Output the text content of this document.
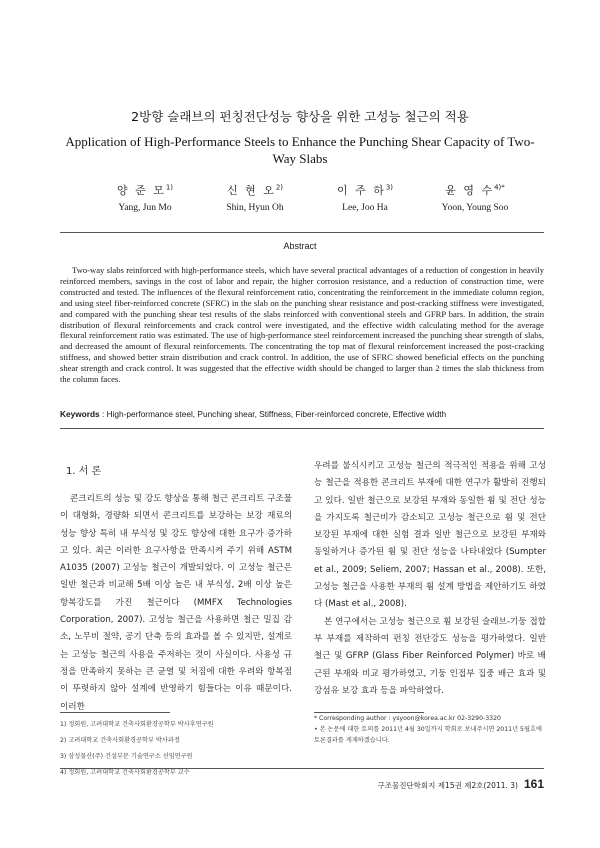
2방향 슬래브의 펀칭전단성능 향상을 위한 고성능 철근의 적용
Application of High-Performance Steels to Enhance the Punching Shear Capacity of Two-Way Slabs
양 준 모$^{1)}$
Yang, Jun Mo
신 현 오$^{2)}$
Shin, Hyun Oh
이 주 하$^{3)}$
Lee, Joo Ha
윤 영 수$^{4)*}$
Yoon, Young Soo
Abstract

Two-way slabs reinforced with high-performance steels, which have several practical advantages of a reduction of congestion in heavily reinforced members, savings in the cost of labor and repair, the higher corrosion resistance, and a reduction of construction time, were constructed and tested. The influences of the flexural reinforcement ratio, concentrating the reinforcement in the immediate column region, and using steel fiber-reinforced concrete (SFRC) in the slab on the punching shear resistance and post-cracking stiffness were investigated, and compared with the punching shear test results of the slabs reinforced with conventional steels and GFRP bars. In addition, the strain distribution of flexural reinforcements and crack control were investigated, and the effective width calculating method for the average flexural reinforcement ratio was estimated. The use of high-performance steel reinforcement increased the punching shear strength of slabs, and decreased the amount of flexural reinforcements. The concentrating the top mat of flexural reinforcement increased the post-cracking stiffness, and showed better strain distribution and crack control. In addition, the use of SFRC showed beneficial effects on the punching shear strength and crack control. It was suggested that the effective width should be changed to larger than 2 times the slab thickness from the column faces.

Keywords : High-performance steel, Punching shear, Stiffness, Fiber-reinforced concrete, Effective width
1. 서 론

콘크리트의 성능 및 강도 향상을 통해 철근 콘크리트 구조물이 대형화, 경량화 되면서 콘크리트를 보강하는 보강 재료의 성능 향상 특히 내 부식성 및 강도 향상에 대한 요구가 증가하고 있다. 최근 이러한 요구사항을 만족시켜 주기 위해 ASTM A1035 (2007) 고성능 철근이 개발되었다. 이 고성능 철근은 일반 철근과 비교해 5배 이상 높은 내 부식성, 2배 이상 높은 항복강도를 가진 철근이다 (MMFX Technologies Corporation, 2007). 고성능 철근을 사용하면 철근 밀집 감소, 노무비 절약, 공기 단축 등의 효과를 볼 수 있지만, 설계로는 고성능 철근의 사용을 주저하는 것이 사실이다. 사용성 규정을 만족하지 못하는 큰 균열 및 처짐에 대한 우려와 항복점이 뚜렷하지 않아 설계에 반영하기 힘들다는 이유 때문이다. 이러한

우려를 불식시키고 고성능 철근의 적극적인 적용을 위해 고성능 철근을 적용한 콘크리트 부재에 대한 연구가 활발히 진행되고 있다. 일반 철근으로 보강된 부재와 동일한 휨 및 전단 성능을 가지도록 철근비가 감소되고 고성능 철근으로 휨 및 전단 보강된 부재에 대한 실험 결과 일반 철근으로 보강된 부재와 동일하거나 증가된 휨 및 전단 성능을 나타내었다 (Sumpter et al., 2009; Seliem, 2007; Hassan et al., 2008). 또한, 고성능 철근을 사용한 부재의 휨 설계 방법을 제안하기도 하였다 (Mast et al., 2008).

본 연구에서는 고성능 철근으로 휨 보강된 슬래브-기둥 접합부 부재를 제작하여 펀칭 전단강도 성능을 평가하였다. 일반 철근 및 GFRP (Glass Fiber Reinforced Polymer) 바로 배근된 부재와 비교 평가하였고, 기둥 인접부 집중 배근 효과 및 강섬유 보강 효과 등을 파악하였다.

1) 정회원, 고려대학교 건축사회환경공학부 박사후연구원
2) 고려대학교 건축사회환경공학부 박사과정
3) 삼성물산(주) 건설부문 기술연구소 선임연구원
4) 정회원, 고려대학교 건축사회환경공학부 교수
* Corresponding author : ysyoon@korea.ac.kr 02-3290-3320
• 본 논문에 대한 토의를 2011년 4월 30일까지 학회로 보내주시면 2011년 5월호에 토론결과를 게재하겠습니다.
구조물진단학회지 제15권 제2호(2011. 3) 161
